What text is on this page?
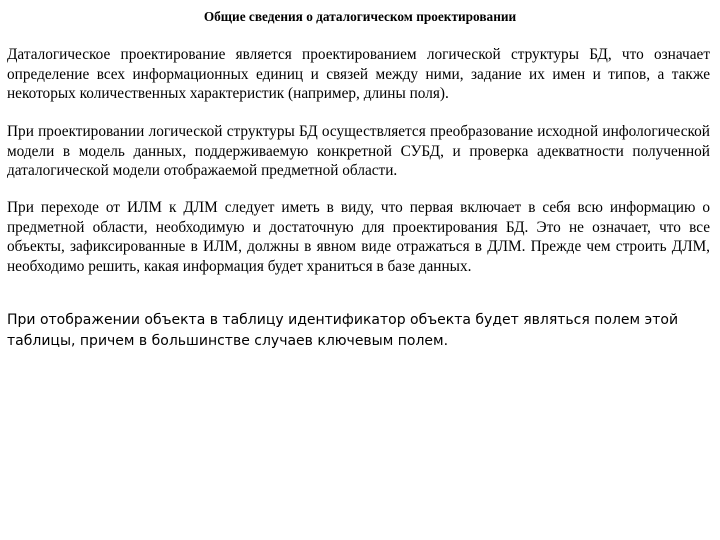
Общие сведения о даталогическом проектировании
Даталогическое проектирование является проектированием логической структуры БД, что означает определение всех информационных единиц и связей между ними, задание их имен и типов, а также некоторых количественных характеристик (например, длины поля).
При проектировании логической структуры БД осуществляется преобразование исходной инфологической модели в модель данных, поддерживаемую конкретной СУБД, и проверка адекватности полученной даталогической модели отображаемой предметной области.
При переходе от ИЛМ к ДЛМ следует иметь в виду, что первая включает в себя всю информацию о предметной области, необходимую и достаточную для проектирования БД. Это не означает, что все объекты, зафиксированные в ИЛМ, должны в явном виде отражаться в ДЛМ. Прежде чем строить ДЛМ, необходимо решить, какая информация будет храниться в базе данных.
При отображении объекта в таблицу идентификатор объекта будет являться полем этой таблицы, причем в большинстве случаев ключевым полем.
